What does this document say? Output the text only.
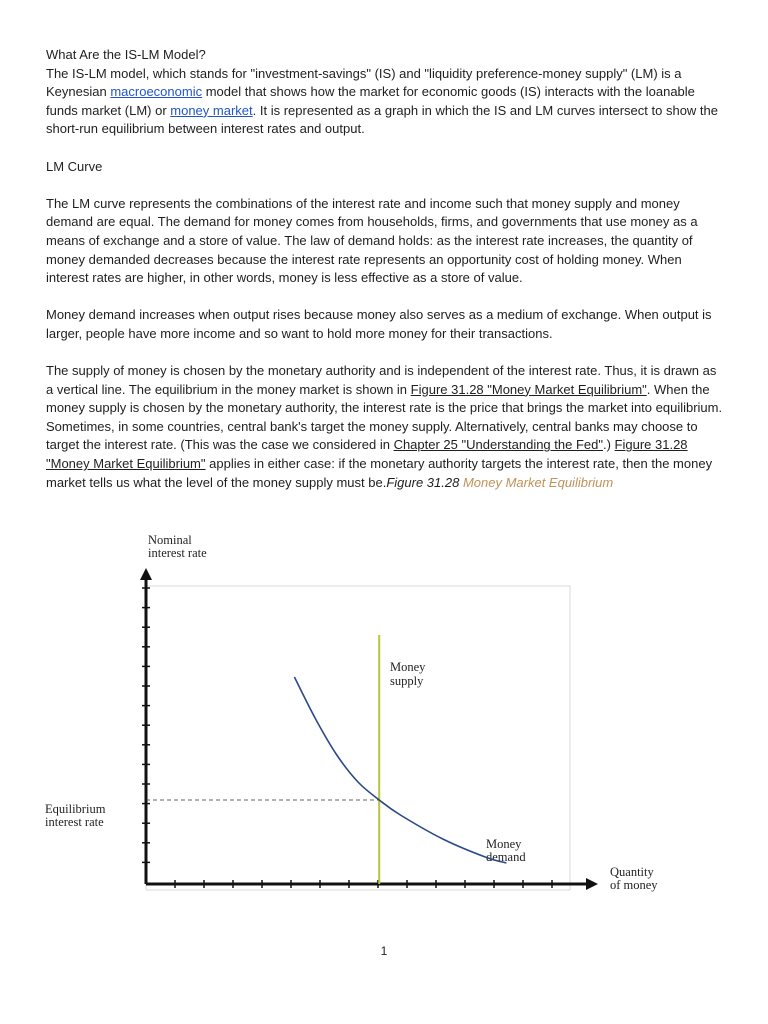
What Are the IS-LM Model?

The IS-LM model, which stands for "investment-savings" (IS) and "liquidity preference-money supply" (LM) is a Keynesian macroeconomic model that shows how the market for economic goods (IS) interacts with the loanable funds market (LM) or money market. It is represented as a graph in which the IS and LM curves intersect to show the short-run equilibrium between interest rates and output.

LM Curve

The LM curve represents the combinations of the interest rate and income such that money supply and money demand are equal. The demand for money comes from households, firms, and governments that use money as a means of exchange and a store of value. The law of demand holds: as the interest rate increases, the quantity of money demanded decreases because the interest rate represents an opportunity cost of holding money. When interest rates are higher, in other words, money is less effective as a store of value.

Money demand increases when output rises because money also serves as a medium of exchange. When output is larger, people have more income and so want to hold more money for their transactions.

The supply of money is chosen by the monetary authority and is independent of the interest rate. Thus, it is drawn as a vertical line. The equilibrium in the money market is shown in Figure 31.28 "Money Market Equilibrium". When the money supply is chosen by the monetary authority, the interest rate is the price that brings the market into equilibrium. Sometimes, in some countries, central bank's target the money supply. Alternatively, central banks may choose to target the interest rate. (This was the case we considered in Chapter 25 "Understanding the Fed".) Figure 31.28 "Money Market Equilibrium" applies in either case: if the monetary authority targets the interest rate, then the money market tells us what the level of the money supply must be.Figure 31.28 Money Market Equilibrium

Nominal
interest rate
Equilibrium
interest rate
Quantity
of money
Money
supply
Money
demand
1
